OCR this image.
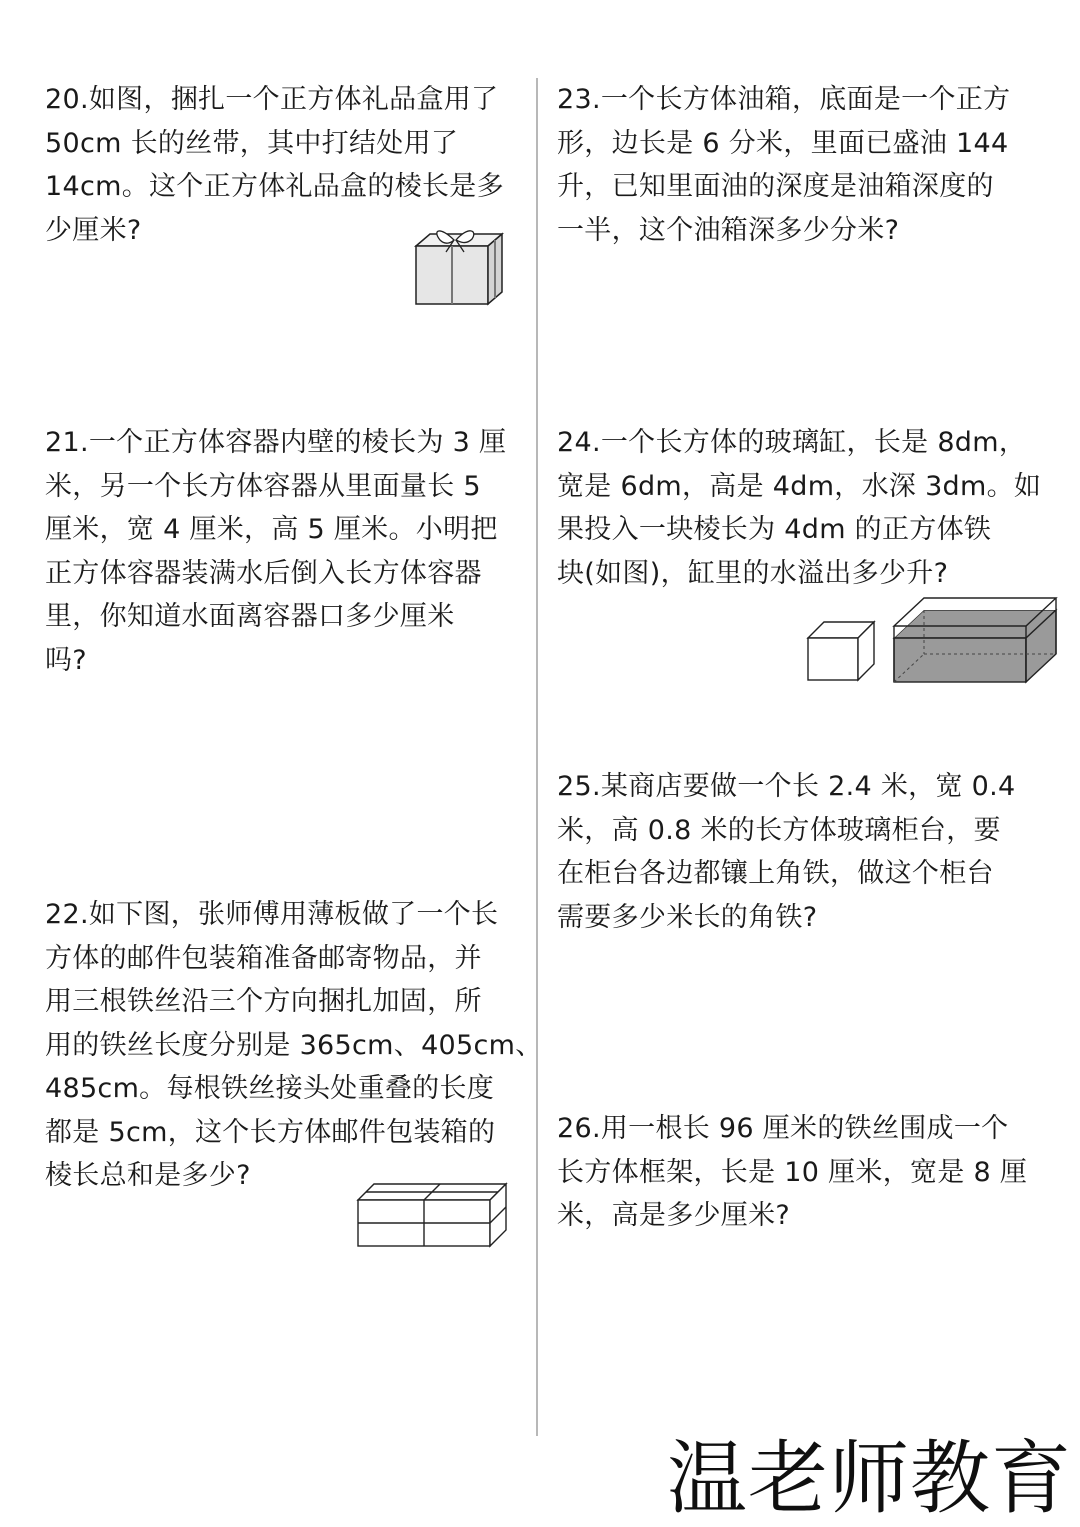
20.如图，捆扎一个正方体礼品盒用了
50cm 长的丝带，其中打结处用了
14cm。这个正方体礼品盒的棱长是多
少厘米?
21.一个正方体容器内壁的棱长为 3 厘
米，另一个长方体容器从里面量长 5
厘米，宽 4 厘米，高 5 厘米。小明把
正方体容器装满水后倒入长方体容器
里，你知道水面离容器口多少厘米
吗?
22.如下图，张师傅用薄板做了一个长
方体的邮件包装箱准备邮寄物品，并
用三根铁丝沿三个方向捆扎加固，所
用的铁丝长度分别是 365cm、405cm、
485cm。每根铁丝接头处重叠的长度
都是 5cm，这个长方体邮件包装箱的
棱长总和是多少?
23.一个长方体油箱，底面是一个正方
形，边长是 6 分米，里面已盛油 144
升，已知里面油的深度是油箱深度的
一半，这个油箱深多少分米?
24.一个长方体的玻璃缸，长是 8dm，
宽是 6dm，高是 4dm，水深 3dm。如
果投入一块棱长为 4dm 的正方体铁
块(如图)，缸里的水溢出多少升?
25.某商店要做一个长 2.4 米，宽 0.4
米，高 0.8 米的长方体玻璃柜台，要
在柜台各边都镶上角铁，做这个柜台
需要多少米长的角铁?
26.用一根长 96 厘米的铁丝围成一个
长方体框架，长是 10 厘米，宽是 8 厘
米，高是多少厘米?
温老师教育
